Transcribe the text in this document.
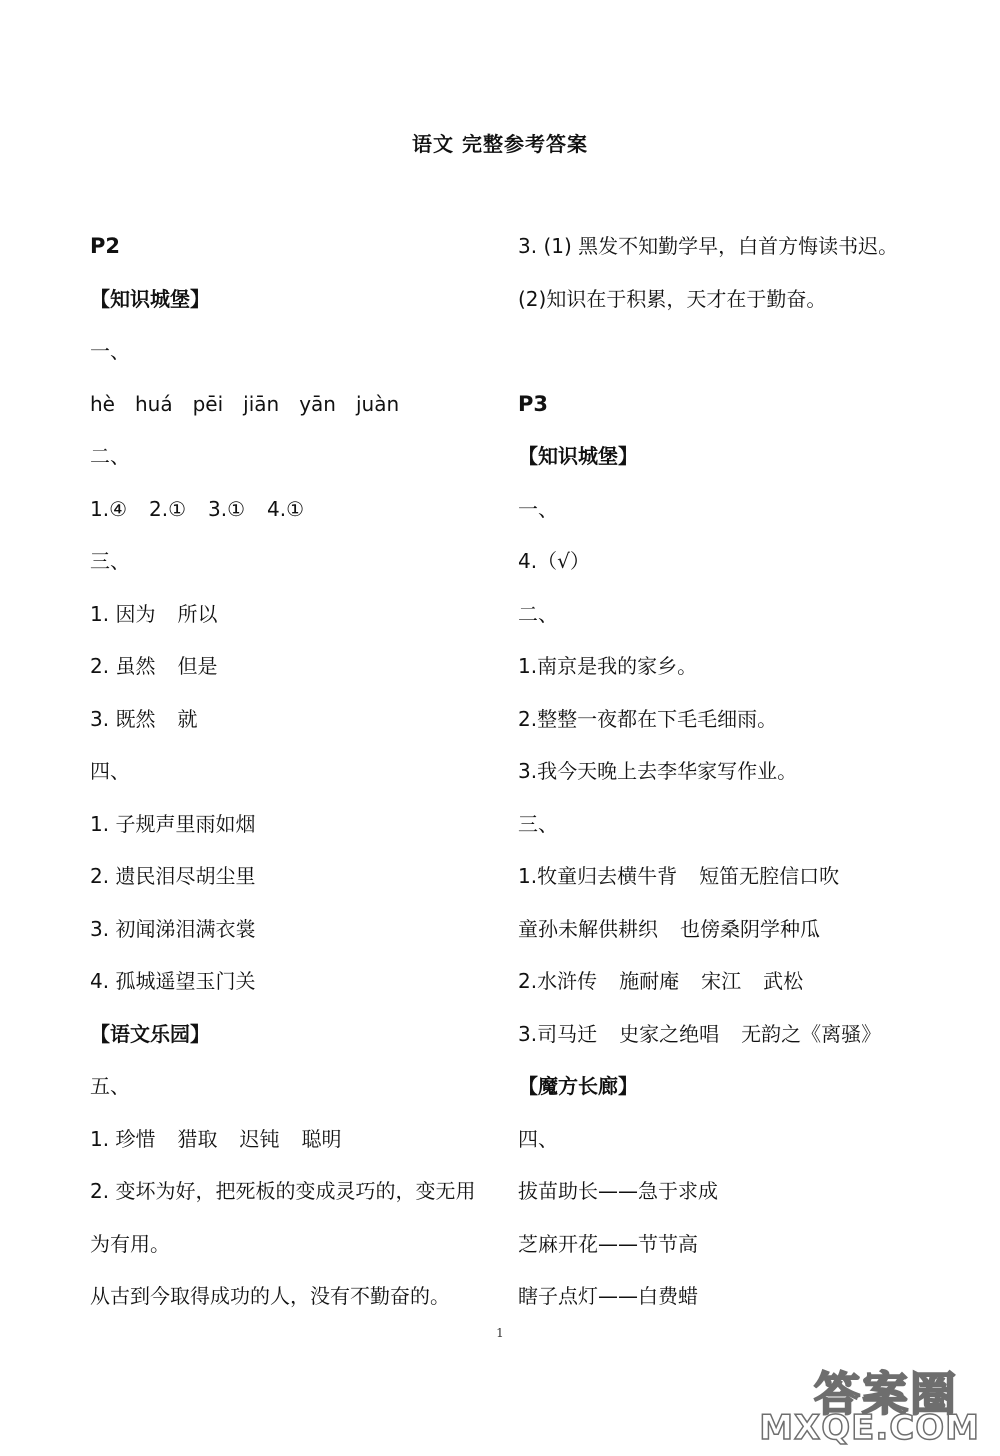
语文 完整参考答案
P2
【知识城堡】
一、
hè huá pēi jiān yān juàn
二、
1.④ 2.① 3.① 4.①
三、
1. 因为 所以
2. 虽然 但是
3. 既然 就
四、
1. 子规声里雨如烟
2. 遗民泪尽胡尘里
3. 初闻涕泪满衣裳
4. 孤城遥望玉门关
【语文乐园】
五、
1. 珍惜 猎取 迟钝 聪明
2. 变坏为好，把死板的变成灵巧的，变无用
为有用。
从古到今取得成功的人，没有不勤奋的。
3. (1) 黑发不知勤学早，白首方悔读书迟。
(2)知识在于积累，天才在于勤奋。
P3
【知识城堡】
一、
4.（√）
二、
1.南京是我的家乡。
2.整整一夜都在下毛毛细雨。
3.我今天晚上去李华家写作业。
三、
1.牧童归去横牛背 短笛无腔信口吹
童孙未解供耕织 也傍桑阴学种瓜
2.水浒传 施耐庵 宋江 武松
3.司马迁 史家之绝唱 无韵之《离骚》
【魔方长廊】
四、
拔苗助长——急于求成
芝麻开花——节节高
瞎子点灯——白费蜡
1
答案圈
MXQE.COM
